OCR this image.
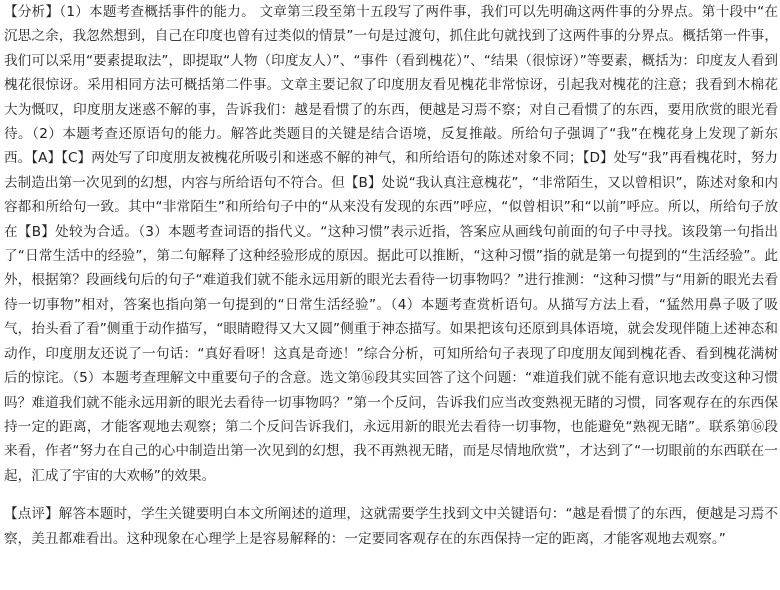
【分析】（1）本题考查概括事件的能力。 文章第三段至第十五段写了两件事，我们可以先明确这两件事的分界点。第十段中“在沉思之余，我忽然想到，自己在印度也曾有过类似的情景”一句是过渡句，抓住此句就找到了这两件事的分界点。概括第一件事，我们可以采用“要素提取法”，即提取“人物（印度友人）”、“事件（看到槐花）”、“结果（很惊讶）”等要素，概括为：印度友人看到槐花很惊讶。采用相同方法可概括第二件事。文章主要记叙了印度朋友看见槐花非常惊讶，引起我对槐花的注意；我看到木棉花大为慨叹，印度朋友迷惑不解的事，告诉我们：越是看惯了的东西，便越是习焉不察；对自己看惯了的东西，要用欣赏的眼光看待。（2）本题考查还原语句的能力。解答此类题目的关键是结合语境，反复推敲。所给句子强调了“我”在槐花身上发现了新东西。【A】【C】两处写了印度朋友被槐花所吸引和迷惑不解的神气，和所给语句的陈述对象不同；【D】处写“我”再看槐花时，努力去制造出第一次见到的幻想，内容与所给语句不符合。但【B】处说“我认真注意槐花”，“非常陌生，又以曾相识”，陈述对象和内容都和所给句一致。其中“非常陌生”和所给句子中的“从来没有发现的东西”呼应，“似曾相识”和“以前”呼应。所以，所给句子放在【B】处较为合适。（3）本题考查词语的指代义。“这种习惯”表示近指，答案应从画线句前面的句子中寻找。该段第一句指出了“日常生活中的经验”，第二句解释了这种经验形成的原因。据此可以推断，“这种习惯”指的就是第一句提到的“生活经验”。此外，根据第？段画线句后的句子“难道我们就不能永远用新的眼光去看待一切事物吗？”进行推测：“这种习惯”与“用新的眼光去看待一切事物”相对，答案也指向第一句提到的“日常生活经验”。（4）本题考查赏析语句。从描写方法上看，“猛然用鼻子吸了吸气，抬头看了看”侧重于动作描写，“眼睛瞪得又大又圆”侧重于神态描写。如果把该句还原到具体语境，就会发现伴随上述神态和动作，印度朋友还说了一句话：“真好看呀！这真是奇迹！”综合分析，可知所给句子表现了印度朋友闻到槐花香、看到槐花满树后的惊诧。（5）本题考查理解文中重要句子的含意。选文第⑯段其实回答了这个问题：“难道我们就不能有意识地去改变这种习惯吗？难道我们就不能永远用新的眼光去看待一切事物吗？”第一个反问，告诉我们应当改变熟视无睹的习惯，同客观存在的东西保持一定的距离，才能客观地去观察；第二个反问告诉我们，永远用新的眼光去看待一切事物，也能避免“熟视无睹”。联系第⑯段来看，作者“努力在自己的心中制造出第一次见到的幻想，我不再熟视无睹，而是尽情地欣赏”，才达到了“一切眼前的东西联在一起，汇成了宇宙的大欢畅”的效果。

【点评】解答本题时，学生关键要明白本文所阐述的道理，这就需要学生找到文中关键语句：“越是看惯了的东西，便越是习焉不察，美丑都难看出。这种现象在心理学上是容易解释的：一定要同客观存在的东西保持一定的距离，才能客观地去观察。”
